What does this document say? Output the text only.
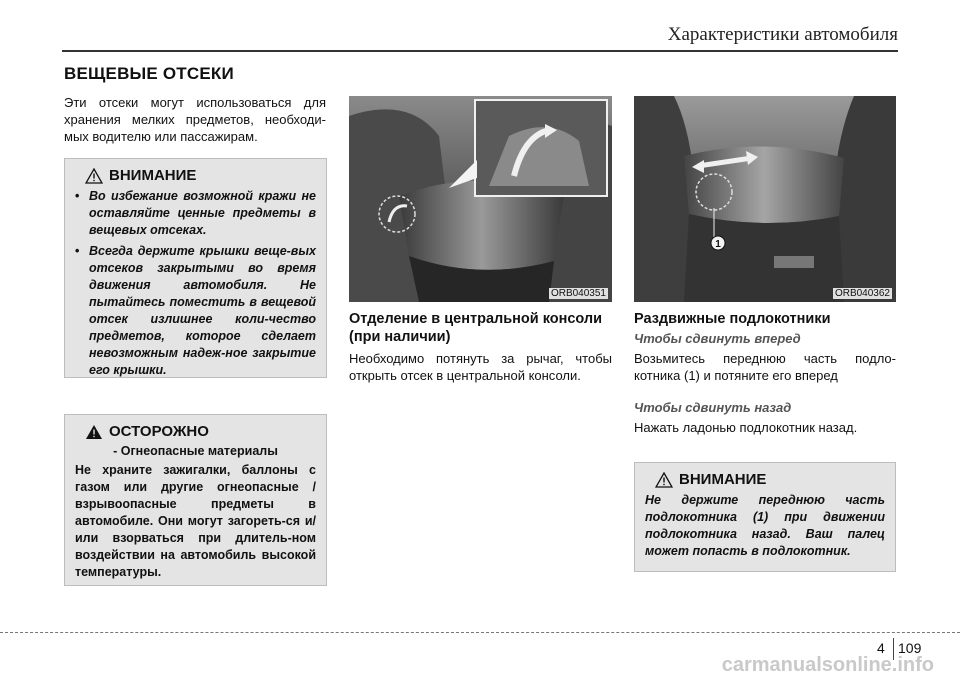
Характеристики автомобиля
ВЕЩЕВЫЕ ОТСЕКИ

Эти отсеки могут использоваться для хранения мелких предметов, необходи-мых водителю или пассажирам.

ВНИМАНИЕ
• Во избежание возможной кражи не оставляйте ценные предметы в вещевых отсеках.
• Всегда держите крышки веще-вых отсеков закрытыми во время движения автомобиля. Не пытайтесь поместить в вещевой отсек излишнее коли-чество предметов, которое сделает невозможным надеж-ное закрытие его крышки.
ОСТОРОЖНО
- Огнеопасные материалы

Не храните зажигалки, баллоны с газом или другие огнеопасные / взрывоопасные предметы в автомобиле. Они могут загореть-ся и/или взорваться при длитель-ном воздействии на автомобиль высокой температуры.

ORB040351
1
ORB040362
Отделение в центральной консоли (при наличии)

Необходимо потянуть за рычаг, чтобы открыть отсек в центральной консоли.

Раздвижные подлокотники
Чтобы сдвинуть вперед

Возьмитесь переднюю часть подло-котника (1) и потяните его вперед

Чтобы сдвинуть назад

Нажать ладонью подлокотник назад.

ВНИМАНИЕ

Не держите переднюю часть подлокотника (1) при движении подлокотника назад. Ваш палец может попасть в подлокотник.

4 109
carmanualsonline.info
